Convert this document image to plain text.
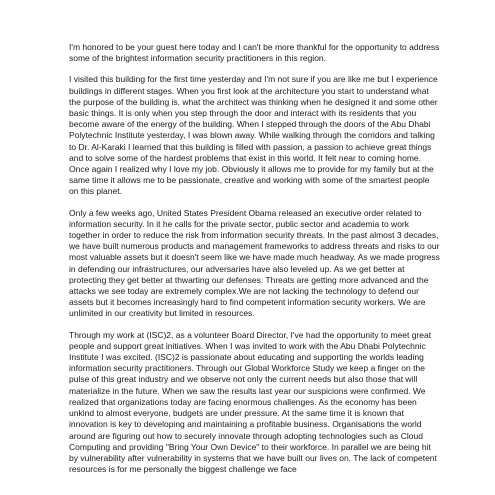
I'm honored to be your guest here today and I can't be more thankful for the opportunity to address some of the brightest information security practitioners in this region.

I visited this building for the first time yesterday and I'm not sure if you are like me but I experience buildings in different stages. When you first look at the architecture you start to understand what the purpose of the building is, what the architect was thinking when he designed it and some other basic things. It is only when you step through the door and interact with its residents that you become aware of the energy of the building. When I stepped through the doors of the Abu Dhabi Polytechnic Institute yesterday, I was blown away. While walking through the corridors and talking to Dr. Al-Karaki I learned that this building is filled with passion, a passion to achieve great things and to solve some of the hardest problems that exist in this world. It felt near to coming home. Once again I realized why I love my job. Obviously it allows me to provide for my family but at the same time it allows me to be passionate, creative and working with some of the smartest people on this planet.

Only a few weeks ago, United States President Obama released an executive order related to information security. In it he calls for the private sector, public sector and academia to work together in order to reduce the risk from information security threats. In the past almost 3 decades, we have built numerous products and management frameworks to address threats and risks to our most valuable assets but it doesn't seem like we have made much headway. As we made progress in defending our infrastructures, our adversaries have also leveled up. As we get better at protecting they get better at thwarting our defenses. Threats are getting more advanced and the attacks we see today are extremely complex.We are not lacking the technology to defend our assets but it becomes increasingly hard to find competent information security workers. We are unlimited in our creativity but limited in resources.

Through my work at (ISC)2, as a volunteer Board Director, I've had the opportunity to meet great people and support great initiatives. When I was invited to work with the Abu Dhabi Polytechnic Institute I was excited. (ISC)2 is passionate about educating and supporting the worlds leading information security practitioners. Through our Global Workforce Study we keep a finger on the pulse of this great industry and we observe not only the current needs but also those that will materialize in the future. When we saw the results last year our suspicions were confirmed. We realized that organizations today are facing enormous challenges. As the economy has been unkind to almost everyone, budgets are under pressure. At the same time it is known that innovation is key to developing and maintaining a profitable business. Organisations the world around are figuring out how to securely innovate through adopting technologies such as Cloud Computing and providing "Bring Your Own Device" to their workforce. In parallel we are being hit by vulnerability after vulnerability in systems that we have built our lives on. The lack of competent resources is for me personally the biggest challenge we face
